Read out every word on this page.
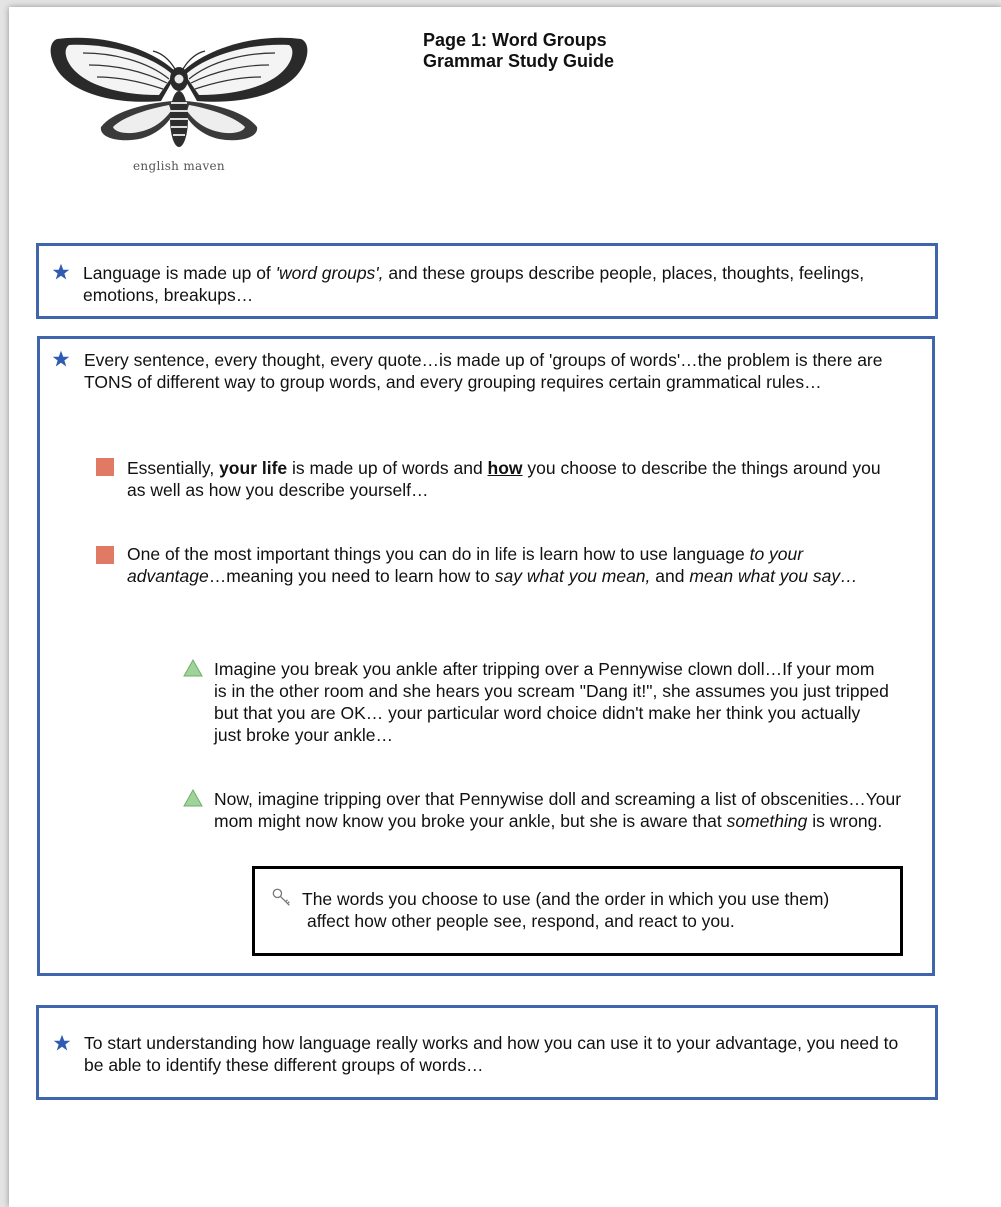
english maven
Page 1: Word Groups
Grammar Study Guide
Language is made up of 'word groups', and these groups describe people, places, thoughts, feelings, emotions, breakups…
Every sentence, every thought, every quote…is made up of 'groups of words'…the problem is there are TONS of different way to group words, and every grouping requires certain grammatical rules…
Essentially, your life is made up of words and how you choose to describe the things around you as well as how you describe yourself…
One of the most important things you can do in life is learn how to use language to your advantage…meaning you need to learn how to say what you mean, and mean what you say…
Imagine you break you ankle after tripping over a Pennywise clown doll…If your mom is in the other room and she hears you scream "Dang it!", she assumes you just tripped but that you are OK… your particular word choice didn't make her think you actually just broke your ankle…
Now, imagine tripping over that Pennywise doll and screaming a list of obscenities…Your mom might now know you broke your ankle, but she is aware that something is wrong.
The words you choose to use (and the order in which you use them)
affect how other people see, respond, and react to you.
To start understanding how language really works and how you can use it to your advantage, you need to be able to identify these different groups of words…
